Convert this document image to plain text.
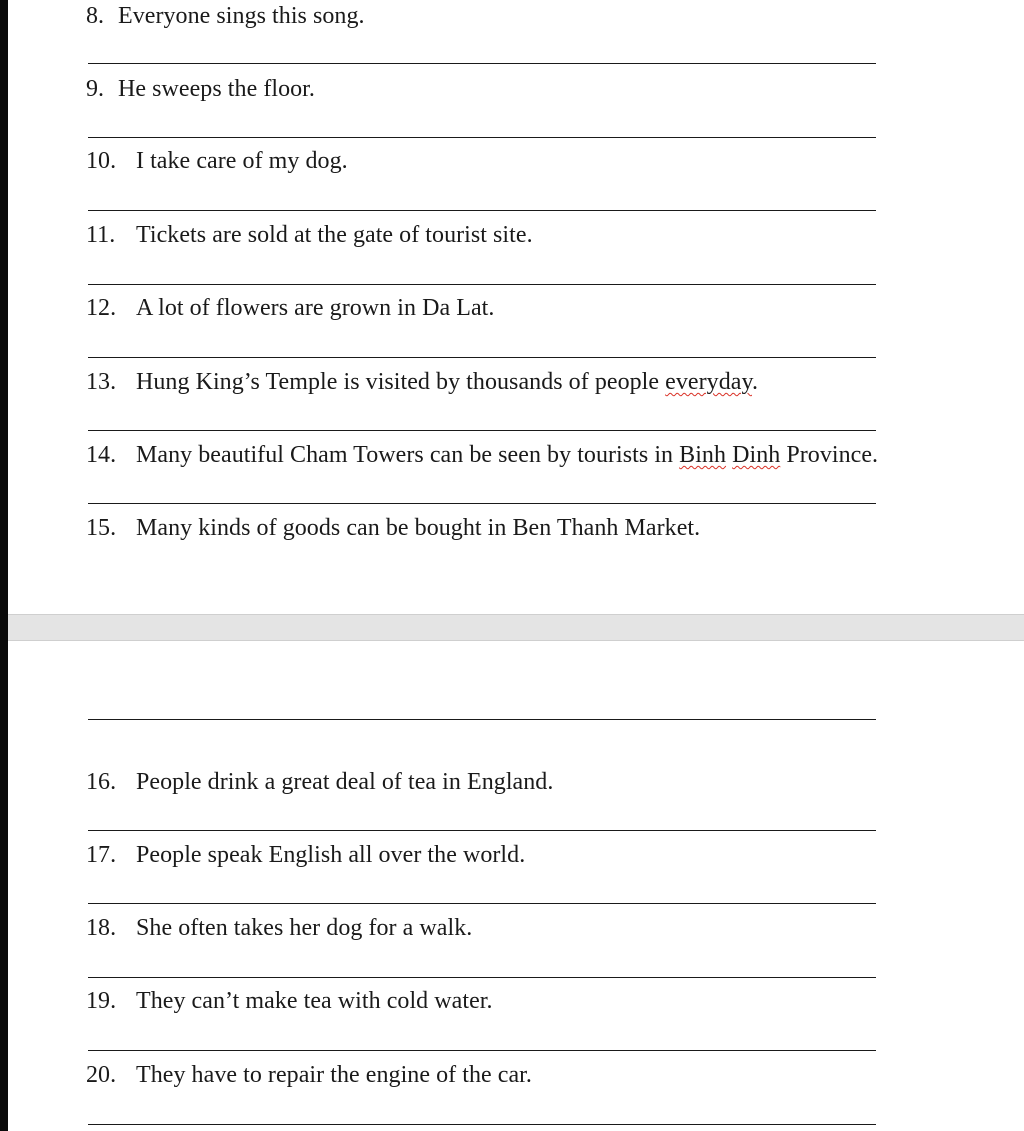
8. Everyone sings this song.
9. He sweeps the floor.
10. I take care of my dog.
11. Tickets are sold at the gate of tourist site.
12. A lot of flowers are grown in Da Lat.
13. Hung King’s Temple is visited by thousands of people everyday.
14. Many beautiful Cham Towers can be seen by tourists in Binh Dinh Province.
15. Many kinds of goods can be bought in Ben Thanh Market.
16. People drink a great deal of tea in England.
17. People speak English all over the world.
18. She often takes her dog for a walk.
19. They can’t make tea with cold water.
20. They have to repair the engine of the car.
